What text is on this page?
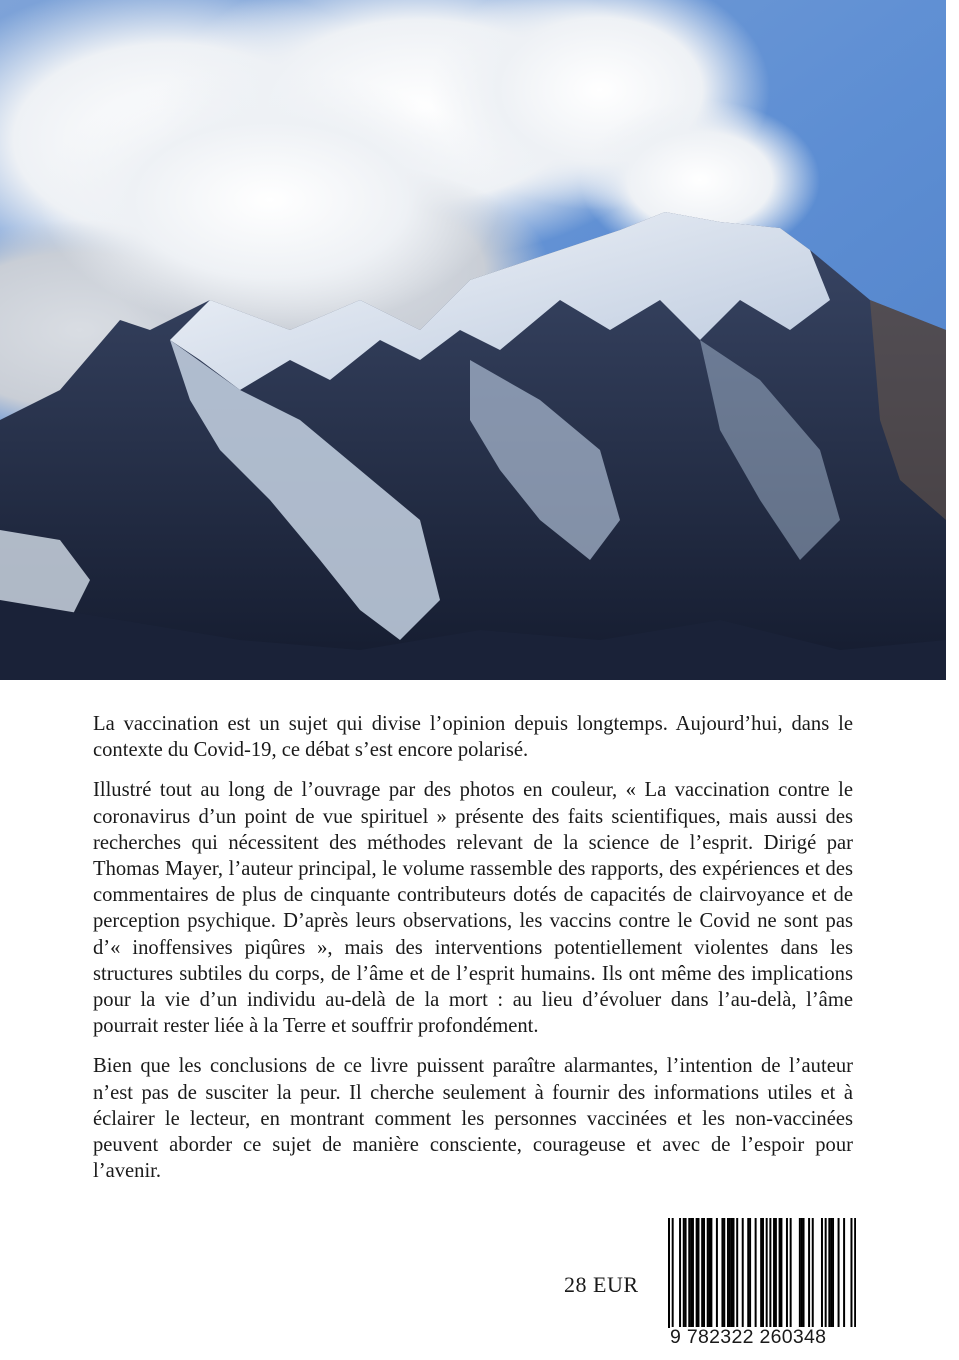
La vaccination est un sujet qui divise l’opinion depuis longtemps. Aujourd’hui, dans le contexte du Covid-19, ce débat s’est encore polarisé.

Illustré tout au long de l’ouvrage par des photos en couleur, « La vaccination contre le coronavirus d’un point de vue spirituel » présente des faits scientifiques, mais aussi des recherches qui nécessitent des méthodes relevant de la science de l’esprit. Dirigé par Thomas Mayer, l’auteur principal, le volume rassemble des rapports, des expériences et des commentaires de plus de cinquante contributeurs dotés de capacités de clairvoyance et de perception psychique. D’après leurs observations, les vaccins contre le Covid ne sont pas d’« inoffensives piqûres », mais des interventions potentiellement violentes dans les structures subtiles du corps, de l’âme et de l’esprit humains. Ils ont même des implications pour la vie d’un individu au-delà de la mort : au lieu d’évoluer dans l’au-delà, l’âme pourrait rester liée à la Terre et souffrir profondément.

Bien que les conclusions de ce livre puissent paraître alarmantes, l’intention de l’auteur n’est pas de susciter la peur. Il cherche seulement à fournir des informations utiles et à éclairer le lecteur, en montrant comment les personnes vaccinées et les non-vaccinées peuvent aborder ce sujet de manière consciente, courageuse et avec de l’espoir pour l’avenir.

28 EUR
9 782322 260348
